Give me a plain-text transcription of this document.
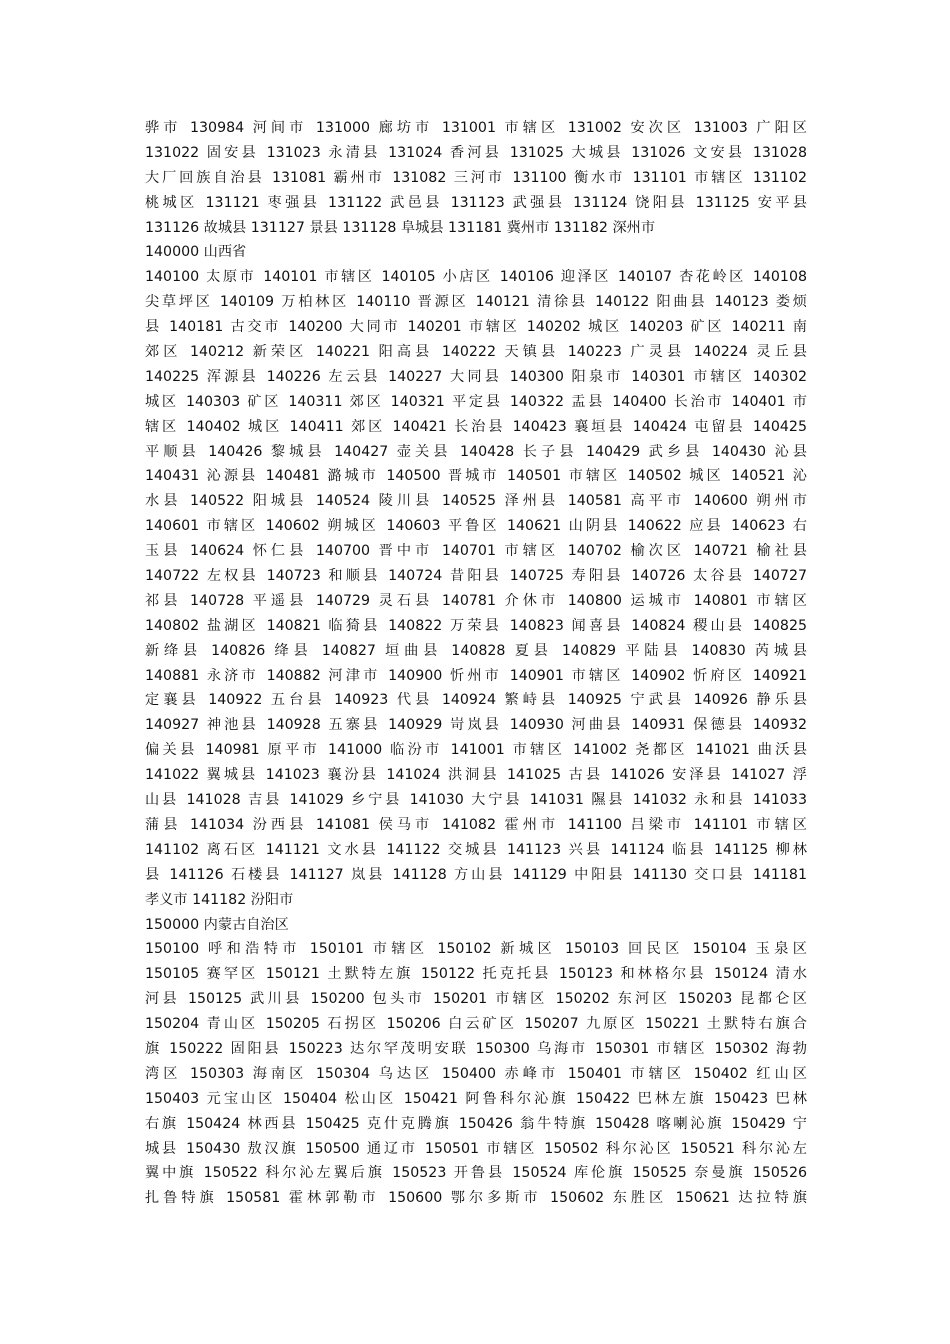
骅市 130984 河间市 131000 廊坊市 131001 市辖区 131002 安次区 131003 广阳区
131022 固安县 131023 永清县 131024 香河县 131025 大城县 131026 文安县 131028
大厂回族自治县 131081 霸州市 131082 三河市 131100 衡水市 131101 市辖区 131102
桃城区 131121 枣强县 131122 武邑县 131123 武强县 131124 饶阳县 131125 安平县
131126 故城县 131127 景县 131128 阜城县 131181 冀州市 131182 深州市
140000 山西省
140100 太原市 140101 市辖区 140105 小店区 140106 迎泽区 140107 杏花岭区 140108
尖草坪区 140109 万柏林区 140110 晋源区 140121 清徐县 140122 阳曲县 140123 娄烦
县 140181 古交市 140200 大同市 140201 市辖区 140202 城区 140203 矿区 140211 南
郊区 140212 新荣区 140221 阳高县 140222 天镇县 140223 广灵县 140224 灵丘县
140225 浑源县 140226 左云县 140227 大同县 140300 阳泉市 140301 市辖区 140302
城区 140303 矿区 140311 郊区 140321 平定县 140322 盂县 140400 长治市 140401 市
辖区 140402 城区 140411 郊区 140421 长治县 140423 襄垣县 140424 屯留县 140425
平顺县 140426 黎城县 140427 壶关县 140428 长子县 140429 武乡县 140430 沁县
140431 沁源县 140481 潞城市 140500 晋城市 140501 市辖区 140502 城区 140521 沁
水县 140522 阳城县 140524 陵川县 140525 泽州县 140581 高平市 140600 朔州市
140601 市辖区 140602 朔城区 140603 平鲁区 140621 山阴县 140622 应县 140623 右
玉县 140624 怀仁县 140700 晋中市 140701 市辖区 140702 榆次区 140721 榆社县
140722 左权县 140723 和顺县 140724 昔阳县 140725 寿阳县 140726 太谷县 140727
祁县 140728 平遥县 140729 灵石县 140781 介休市 140800 运城市 140801 市辖区
140802 盐湖区 140821 临猗县 140822 万荣县 140823 闻喜县 140824 稷山县 140825
新绛县 140826 绛县 140827 垣曲县 140828 夏县 140829 平陆县 140830 芮城县
140881 永济市 140882 河津市 140900 忻州市 140901 市辖区 140902 忻府区 140921
定襄县 140922 五台县 140923 代县 140924 繁峙县 140925 宁武县 140926 静乐县
140927 神池县 140928 五寨县 140929 岢岚县 140930 河曲县 140931 保德县 140932
偏关县 140981 原平市 141000 临汾市 141001 市辖区 141002 尧都区 141021 曲沃县
141022 翼城县 141023 襄汾县 141024 洪洞县 141025 古县 141026 安泽县 141027 浮
山县 141028 吉县 141029 乡宁县 141030 大宁县 141031 隰县 141032 永和县 141033
蒲县 141034 汾西县 141081 侯马市 141082 霍州市 141100 吕梁市 141101 市辖区
141102 离石区 141121 文水县 141122 交城县 141123 兴县 141124 临县 141125 柳林
县 141126 石楼县 141127 岚县 141128 方山县 141129 中阳县 141130 交口县 141181
孝义市 141182 汾阳市
150000 内蒙古自治区
150100 呼和浩特市 150101 市辖区 150102 新城区 150103 回民区 150104 玉泉区
150105 赛罕区 150121 土默特左旗 150122 托克托县 150123 和林格尔县 150124 清水
河县 150125 武川县 150200 包头市 150201 市辖区 150202 东河区 150203 昆都仑区
150204 青山区 150205 石拐区 150206 白云矿区 150207 九原区 150221 土默特右旗合
旗 150222 固阳县 150223 达尔罕茂明安联 150300 乌海市 150301 市辖区 150302 海勃
湾区 150303 海南区 150304 乌达区 150400 赤峰市 150401 市辖区 150402 红山区
150403 元宝山区 150404 松山区 150421 阿鲁科尔沁旗 150422 巴林左旗 150423 巴林
右旗 150424 林西县 150425 克什克腾旗 150426 翁牛特旗 150428 喀喇沁旗 150429 宁
城县 150430 敖汉旗 150500 通辽市 150501 市辖区 150502 科尔沁区 150521 科尔沁左
翼中旗 150522 科尔沁左翼后旗 150523 开鲁县 150524 库伦旗 150525 奈曼旗 150526
扎鲁特旗 150581 霍林郭勒市 150600 鄂尔多斯市 150602 东胜区 150621 达拉特旗
